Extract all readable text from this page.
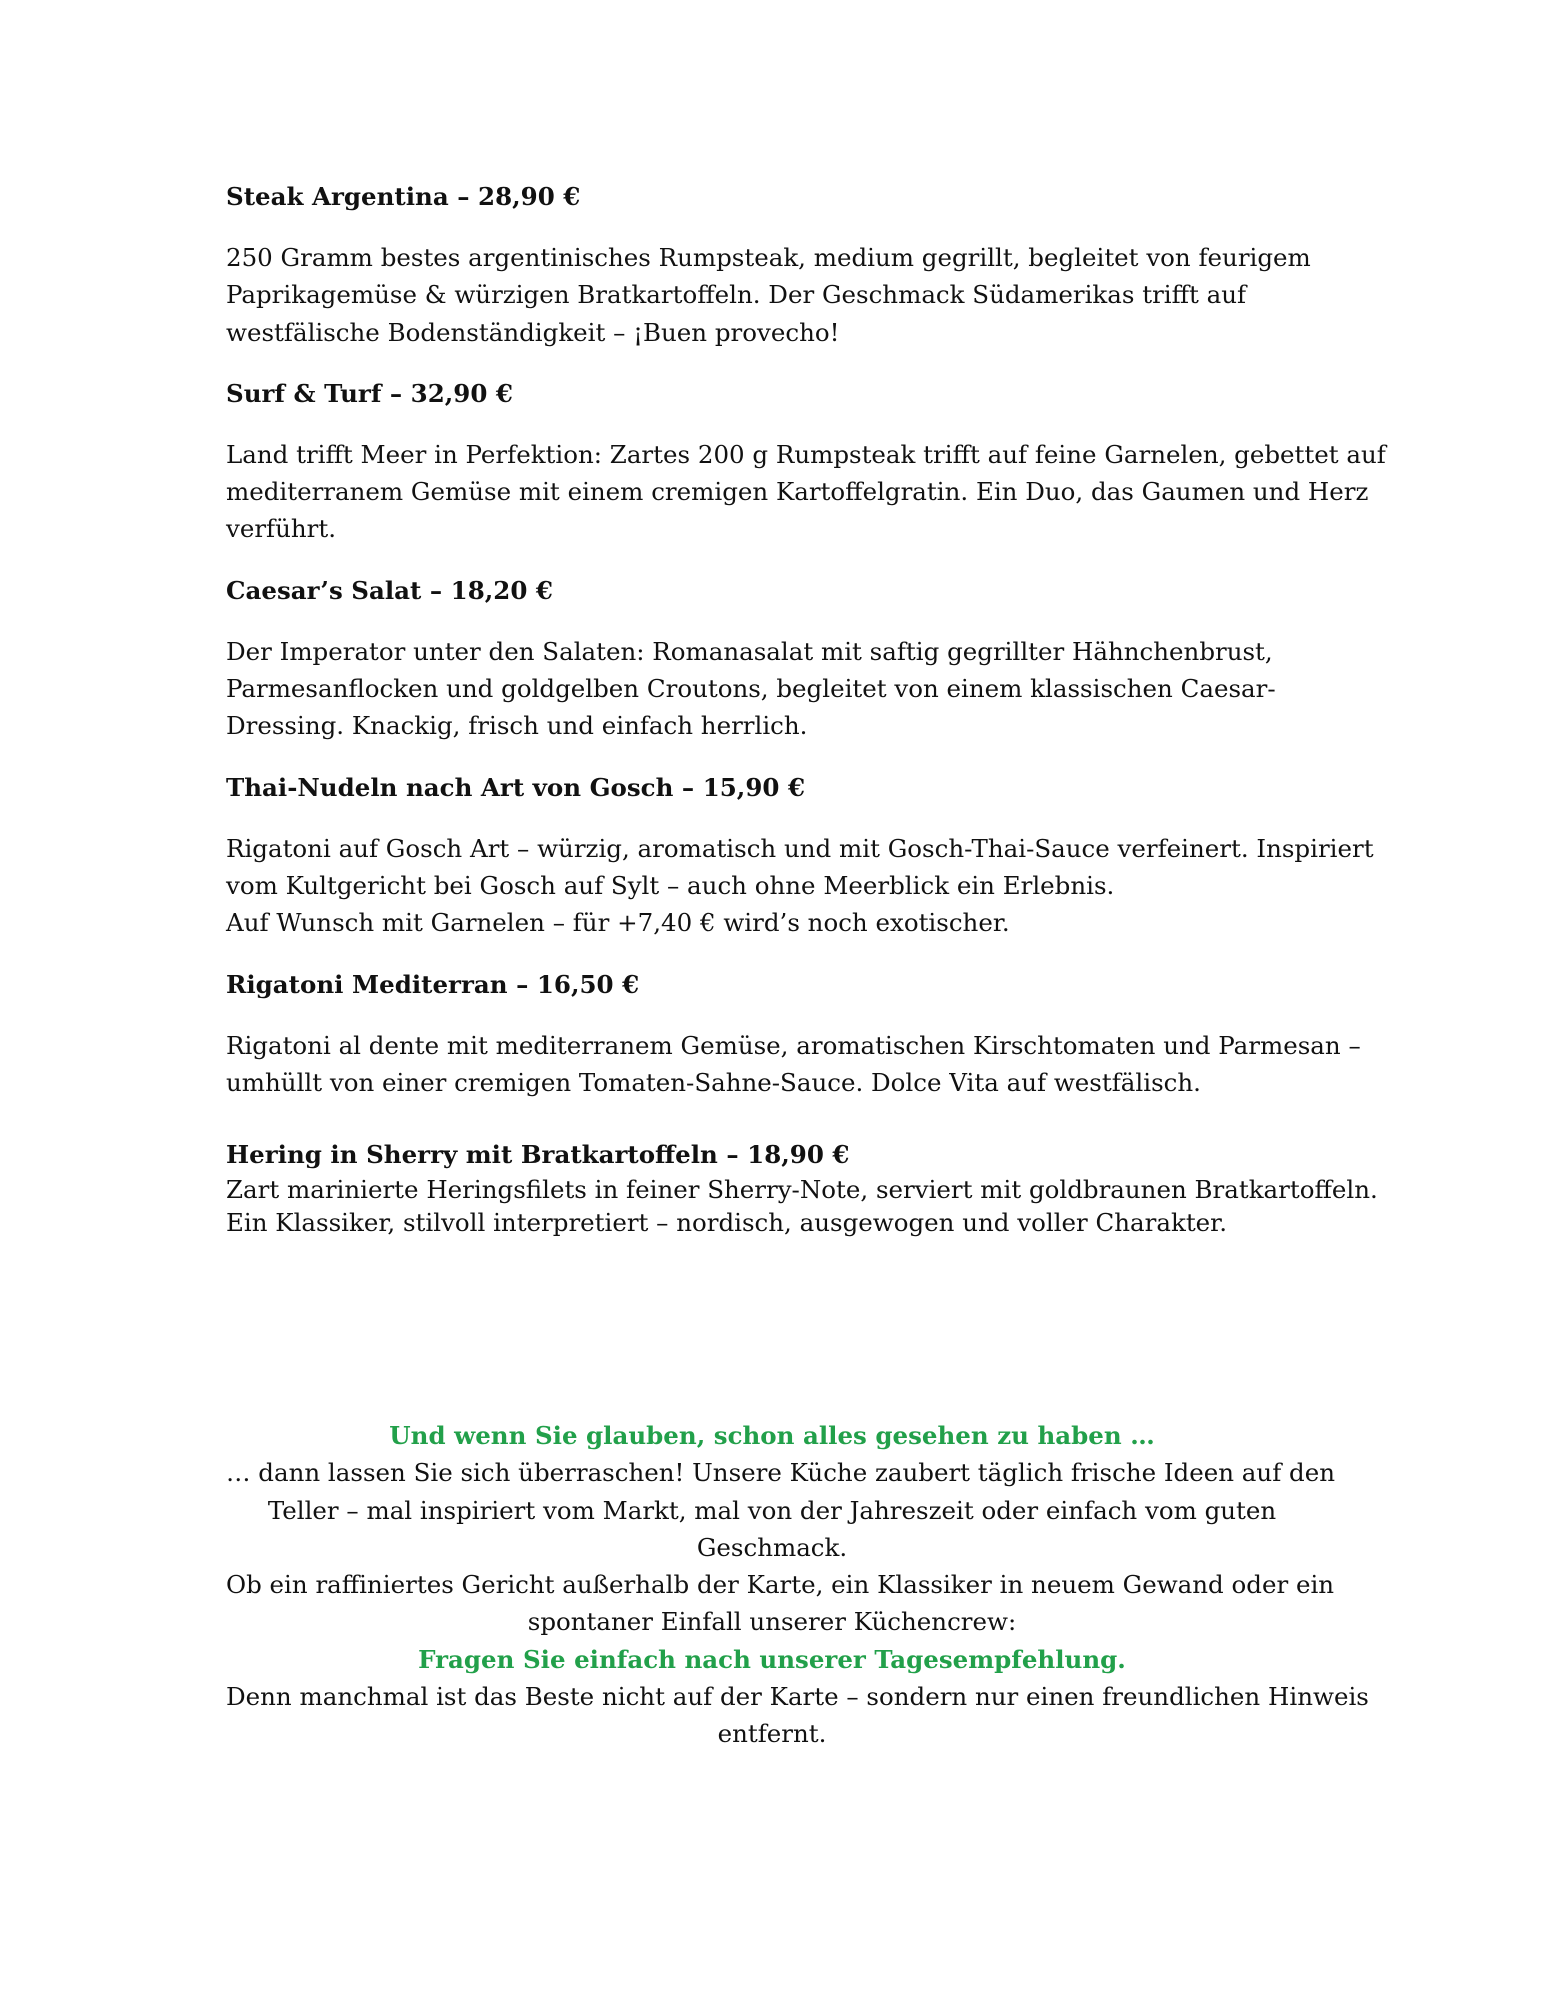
Steak Argentina – 28,90 €

250 Gramm bestes argentinisches Rumpsteak, medium gegrillt, begleitet von feurigem
Paprikagemüse & würzigen Bratkartoffeln. Der Geschmack Südamerikas trifft auf
westfälische Bodenständigkeit – ¡Buen provecho!

Surf & Turf – 32,90 €

Land trifft Meer in Perfektion: Zartes 200 g Rumpsteak trifft auf feine Garnelen, gebettet auf
mediterranem Gemüse mit einem cremigen Kartoffelgratin. Ein Duo, das Gaumen und Herz
verführt.

Caesar’s Salat – 18,20 €

Der Imperator unter den Salaten: Romanasalat mit saftig gegrillter Hähnchenbrust,
Parmesanflocken und goldgelben Croutons, begleitet von einem klassischen Caesar-
Dressing. Knackig, frisch und einfach herrlich.

Thai-Nudeln nach Art von Gosch – 15,90 €

Rigatoni auf Gosch Art – würzig, aromatisch und mit Gosch-Thai-Sauce verfeinert. Inspiriert
vom Kultgericht bei Gosch auf Sylt – auch ohne Meerblick ein Erlebnis.
Auf Wunsch mit Garnelen – für +7,40 € wird’s noch exotischer.

Rigatoni Mediterran – 16,50 €

Rigatoni al dente mit mediterranem Gemüse, aromatischen Kirschtomaten und Parmesan –
umhüllt von einer cremigen Tomaten-Sahne-Sauce. Dolce Vita auf westfälisch.

Hering in Sherry mit Bratkartoffeln – 18,90 €

Zart marinierte Heringsfilets in feiner Sherry-Note, serviert mit goldbraunen Bratkartoffeln.
Ein Klassiker, stilvoll interpretiert – nordisch, ausgewogen und voller Charakter.

Und wenn Sie glauben, schon alles gesehen zu haben …
… dann lassen Sie sich überraschen! Unsere Küche zaubert täglich frische Ideen auf den
Teller – mal inspiriert vom Markt, mal von der Jahreszeit oder einfach vom guten
Geschmack.
Ob ein raffiniertes Gericht außerhalb der Karte, ein Klassiker in neuem Gewand oder ein
spontaner Einfall unserer Küchencrew:
Fragen Sie einfach nach unserer Tagesempfehlung.
Denn manchmal ist das Beste nicht auf der Karte – sondern nur einen freundlichen Hinweis
entfernt.
